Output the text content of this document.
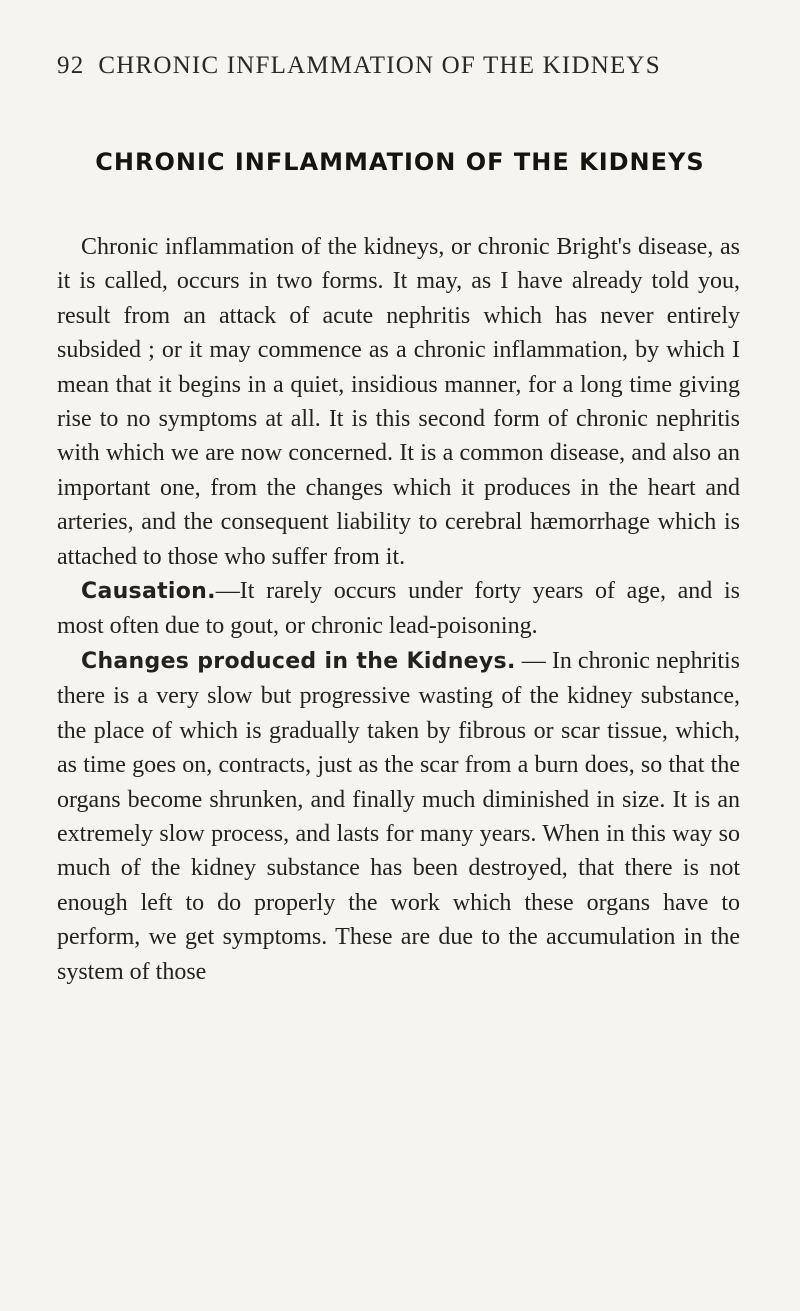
92 CHRONIC INFLAMMATION OF THE KIDNEYS
CHRONIC INFLAMMATION OF THE KIDNEYS

Chronic inflammation of the kidneys, or chronic Bright's disease, as it is called, occurs in two forms. It may, as I have already told you, result from an attack of acute nephritis which has never entirely subsided ; or it may commence as a chronic inflammation, by which I mean that it begins in a quiet, insidious manner, for a long time giving rise to no symptoms at all. It is this second form of chronic nephritis with which we are now concerned. It is a common disease, and also an important one, from the changes which it produces in the heart and arteries, and the consequent liability to cerebral hæmorrhage which is attached to those who suffer from it.

Causation.—It rarely occurs under forty years of age, and is most often due to gout, or chronic lead-poisoning.

Changes produced in the Kidneys. — In chronic nephritis there is a very slow but progressive wasting of the kidney substance, the place of which is gradually taken by fibrous or scar tissue, which, as time goes on, contracts, just as the scar from a burn does, so that the organs become shrunken, and finally much diminished in size. It is an extremely slow process, and lasts for many years. When in this way so much of the kidney substance has been destroyed, that there is not enough left to do properly the work which these organs have to perform, we get symptoms. These are due to the accumulation in the system of those
